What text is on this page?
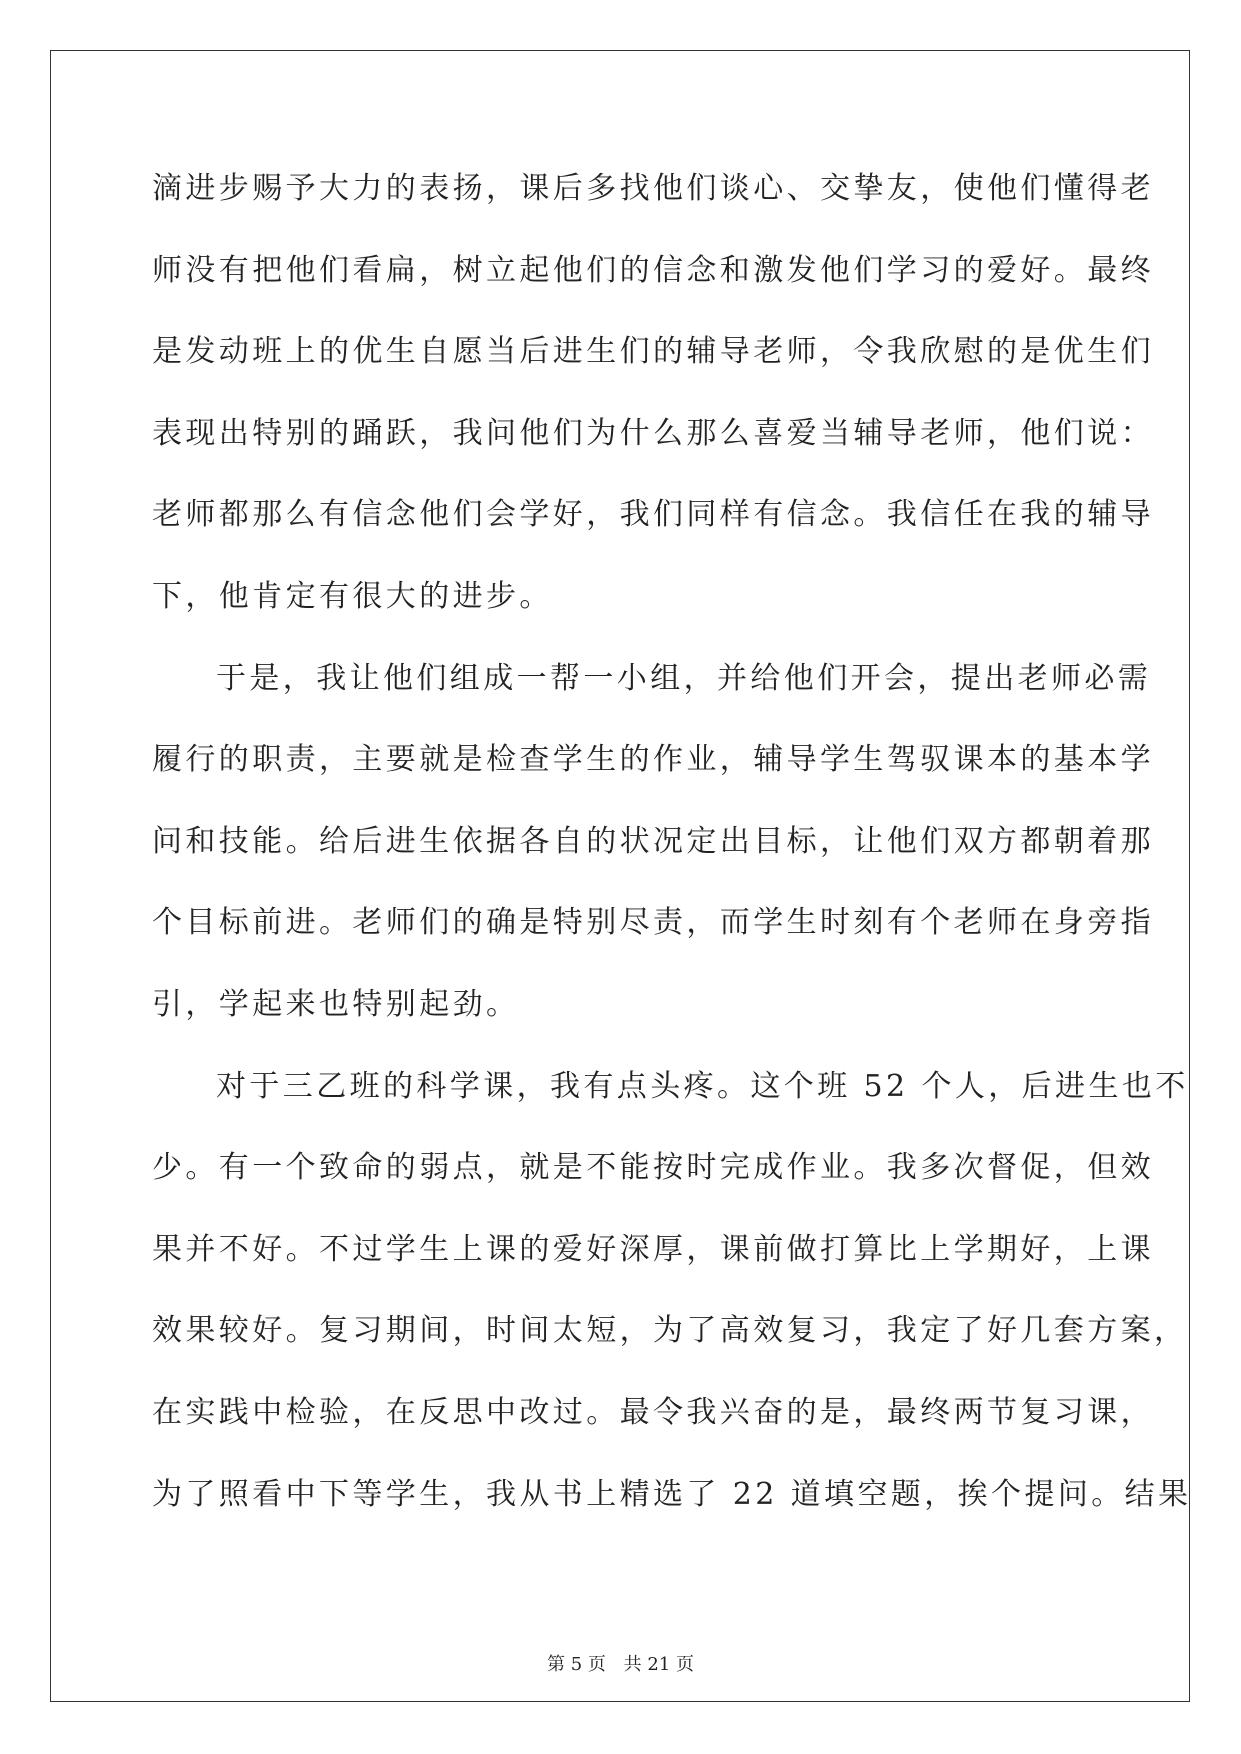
滴进步赐予大力的表扬，课后多找他们谈心、交挚友，使他们懂得老
师没有把他们看扁，树立起他们的信念和激发他们学习的爱好。最终
是发动班上的优生自愿当后进生们的辅导老师，令我欣慰的是优生们
表现出特别的踊跃，我问他们为什么那么喜爱当辅导老师，他们说：
老师都那么有信念他们会学好，我们同样有信念。我信任在我的辅导
下，他肯定有很大的进步。
于是，我让他们组成一帮一小组，并给他们开会，提出老师必需
履行的职责，主要就是检查学生的作业，辅导学生驾驭课本的基本学
问和技能。给后进生依据各自的状况定出目标，让他们双方都朝着那
个目标前进。老师们的确是特别尽责，而学生时刻有个老师在身旁指
引，学起来也特别起劲。
对于三乙班的科学课，我有点头疼。这个班 52 个人，后进生也不
少。有一个致命的弱点，就是不能按时完成作业。我多次督促，但效
果并不好。不过学生上课的爱好深厚，课前做打算比上学期好，上课
效果较好。复习期间，时间太短，为了高效复习，我定了好几套方案，
在实践中检验，在反思中改过。最令我兴奋的是，最终两节复习课，
为了照看中下等学生，我从书上精选了 22 道填空题，挨个提问。结果
第 5 页 共 21 页
